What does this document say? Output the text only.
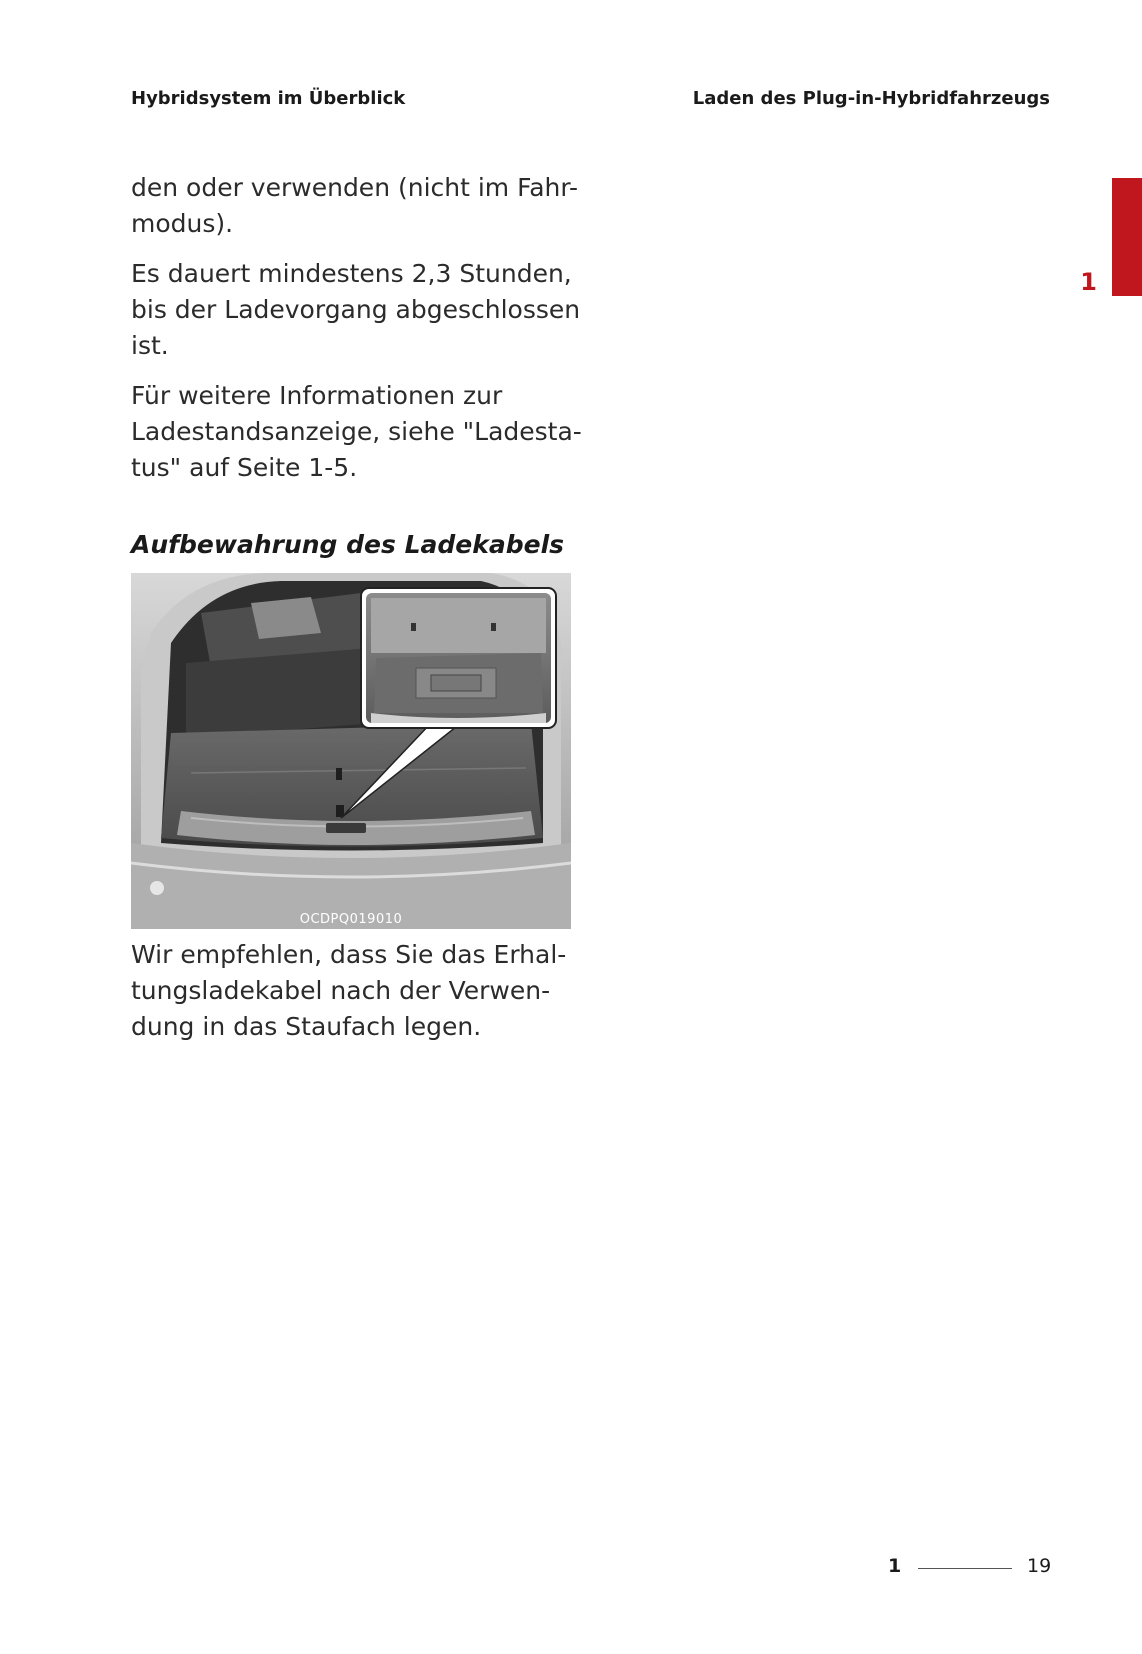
Hybridsystem im Überblick	Laden des Plug-in-Hybridfahrzeugs
1

den oder verwenden (nicht im Fahr-
modus).

Es dauert mindestens 2,3 Stunden,
bis der Ladevorgang abgeschlossen
ist.

Für weitere Informationen zur
Ladestandsanzeige, siehe "Ladesta-
tus" auf Seite 1-5.

Aufbewahrung des Ladekabels
OCDPQ019010

Wir empfehlen, dass Sie das Erhal-
tungsladekabel nach der Verwen-
dung in das Staufach legen.

1	19
